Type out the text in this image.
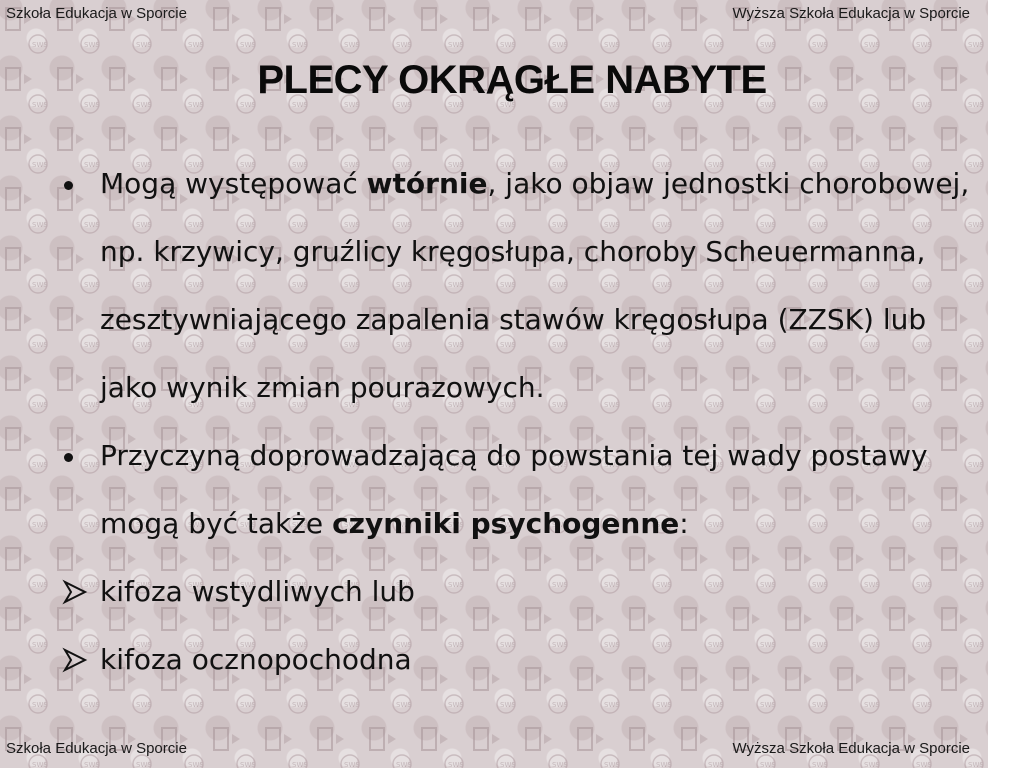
Szkoła Edukacja w Sporcie	Wyższa Szkoła Edukacja w Sporcie
PLECY OKRĄGŁE NABYTE
Mogą występować wtórnie, jako objaw jednostki chorobowej, np. krzywicy, gruźlicy kręgosłupa, choroby Scheuermanna, zesztywniającego zapalenia stawów kręgosłupa (ZZSK) lub jako wynik zmian pourazowych.
Przyczyną doprowadzającą do powstania tej wady postawy mogą być także czynniki psychogenne:
kifoza wstydliwych lub
kifoza ocznopochodna
Szkoła Edukacja w Sporcie	Wyższa Szkoła Edukacja w Sporcie
